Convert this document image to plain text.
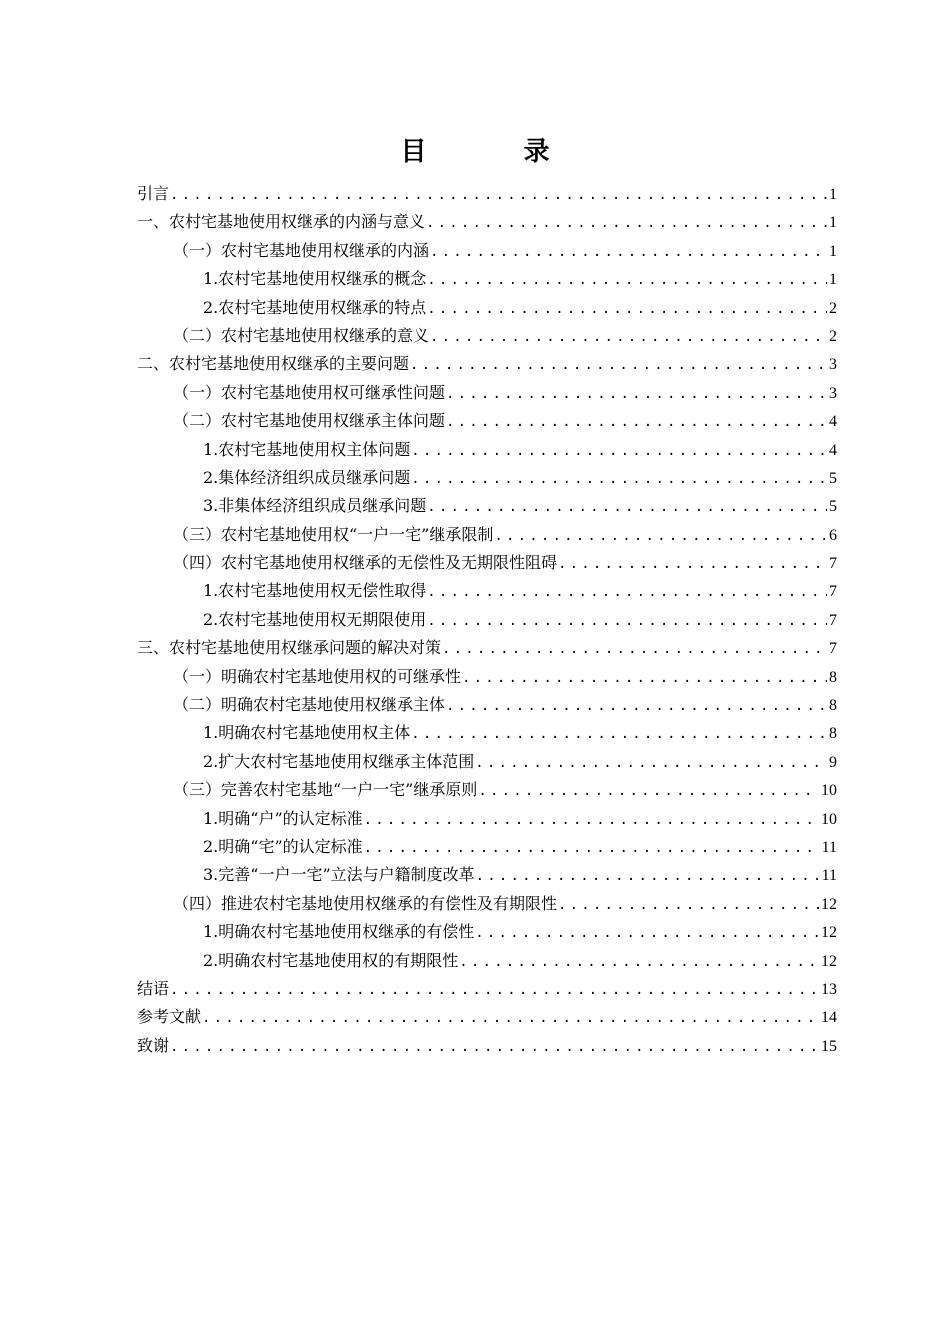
目 录
引言 .....	1
一、农村宅基地使用权继承的内涵与意义 .....	1
（一）农村宅基地使用权继承的内涵 .....	1
1.农村宅基地使用权继承的概念 .....	1
2.农村宅基地使用权继承的特点 .....	2
（二）农村宅基地使用权继承的意义 .....	2
二、农村宅基地使用权继承的主要问题 .....	3
（一）农村宅基地使用权可继承性问题 .....	3
（二）农村宅基地使用权继承主体问题 .....	4
1.农村宅基地使用权主体问题 .....	4
2.集体经济组织成员继承问题 .....	5
3.非集体经济组织成员继承问题 .....	5
（三）农村宅基地使用权“一户一宅”继承限制 .....	6
（四）农村宅基地使用权继承的无偿性及无期限性阻碍 .....	7
1.农村宅基地使用权无偿性取得 .....	7
2.农村宅基地使用权无期限使用 .....	7
三、农村宅基地使用权继承问题的解决对策 .....	7
（一）明确农村宅基地使用权的可继承性 .....	8
（二）明确农村宅基地使用权继承主体 .....	8
1.明确农村宅基地使用权主体 .....	8
2.扩大农村宅基地使用权继承主体范围 .....	9
（三）完善农村宅基地“一户一宅”继承原则 .....	10
1.明确“户”的认定标准 .....	10
2.明确“宅”的认定标准 .....	11
3.完善“一户一宅”立法与户籍制度改革 .....	11
（四）推进农村宅基地使用权继承的有偿性及有期限性 .....	12
1.明确农村宅基地使用权继承的有偿性 .....	12
2.明确农村宅基地使用权的有期限性 .....	12
结语 .....	13
参考文献 .....	14
致谢 .....	15
